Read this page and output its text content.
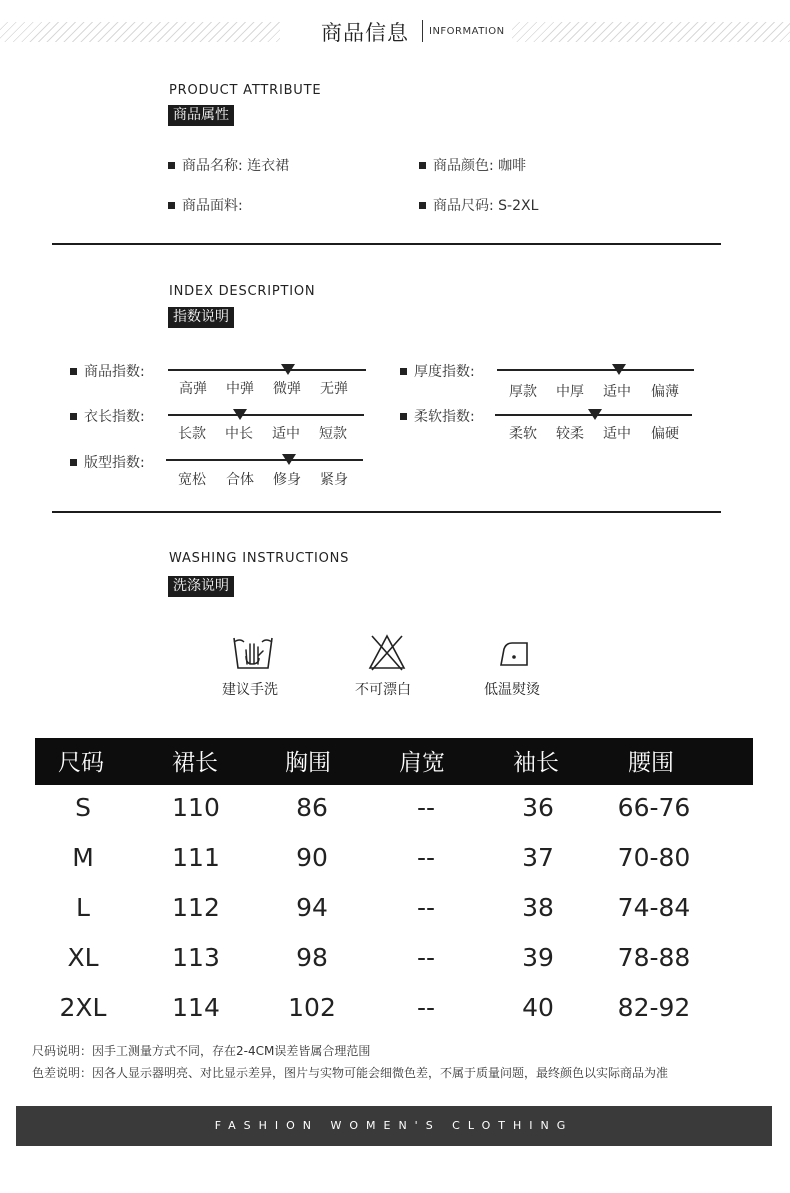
商品信息 INFORMATION
PRODUCT ATTRIBUTE
商品属性
商品名称: 连衣裙	商品颜色: 咖啡
商品面料:	商品尺码: S-2XL
INDEX DESCRIPTION
指数说明
商品指数:
高弹 中弹 微弹 无弹
衣长指数:
长款 中长 适中 短款
版型指数:
宽松 合体 修身 紧身
厚度指数:
厚款 中厚 适中 偏薄
柔软指数:
柔软 较柔 适中 偏硬
WASHING INSTRUCTIONS
洗涤说明
建议手洗	不可漂白	低温熨烫
尺码	裙长	胸围	肩宽	袖长	腰围
S	110	86	--	36	66-76
M	111	90	--	37	70-80
L	112	94	--	38	74-84
XL	113	98	--	39	78-88
2XL	114	102	--	40	82-92
尺码说明：因手工测量方式不同，存在2-4CM误差皆属合理范围
色差说明：因各人显示器明亮、对比显示差异，图片与实物可能会细微色差，不属于质量问题，最终颜色以实际商品为准
FASHION WOMEN'S CLOTHING
